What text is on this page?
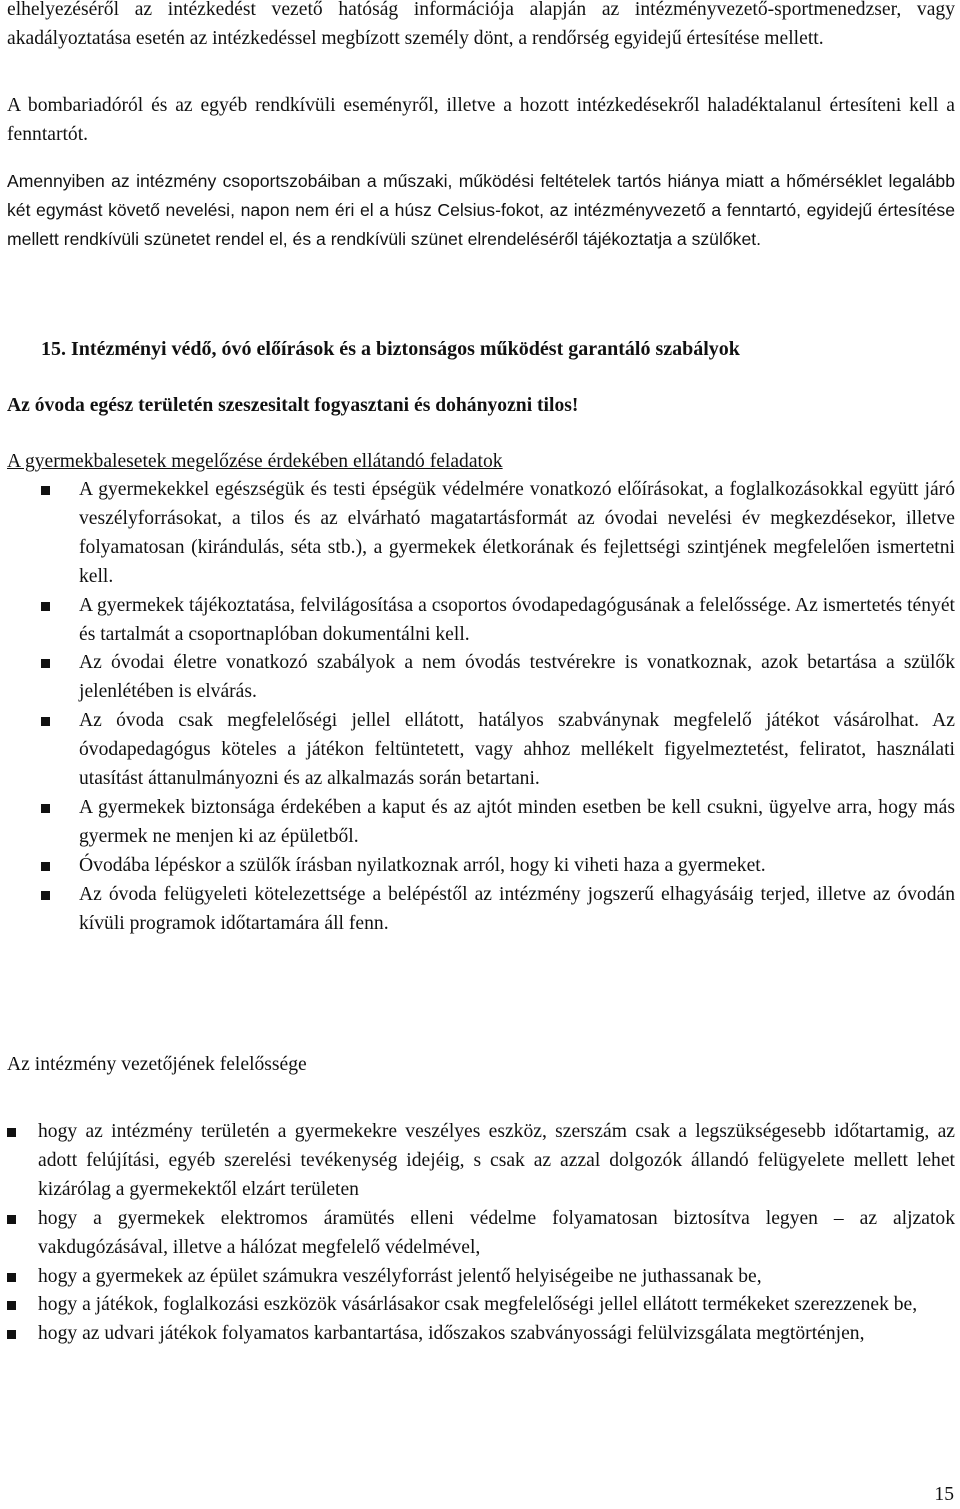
elhelyezéséről az intézkedést vezető hatóság információja alapján az intézményvezető-sportmenedzser, vagy akadályoztatása esetén az intézkedéssel megbízott személy dönt, a rendőrség egyidejű értesítése mellett.

A bombariadóról és az egyéb rendkívüli eseményről, illetve a hozott intézkedésekről haladéktalanul értesíteni kell a fenntartót.

Amennyiben az intézmény csoportszobáiban a műszaki, működési feltételek tartós hiánya miatt a hőmérséklet legalább két egymást követő nevelési, napon nem éri el a húsz Celsius-fokot, az intézményvezető a fenntartó, egyidejű értesítése mellett rendkívüli szünetet rendel el, és a rendkívüli szünet elrendeléséről tájékoztatja a szülőket.

15. Intézményi védő, óvó előírások és a biztonságos működést garantáló szabályok
Az óvoda egész területén szeszesitalt fogyasztani és dohányozni tilos!
A gyermekbalesetek megelőzése érdekében ellátandó feladatok
A gyermekekkel egészségük és testi épségük védelmére vonatkozó előírásokat, a foglalkozásokkal együtt járó veszélyforrásokat, a tilos és az elvárható magatartásformát az óvodai nevelési év megkezdésekor, illetve folyamatosan (kirándulás, séta stb.), a gyermekek életkorának és fejlettségi szintjének megfelelően ismertetni kell.
A gyermekek tájékoztatása, felvilágosítása a csoportos óvodapedagógusának a felelőssége. Az ismertetés tényét és tartalmát a csoportnaplóban dokumentálni kell.
Az óvodai életre vonatkozó szabályok a nem óvodás testvérekre is vonatkoznak, azok betartása a szülők jelenlétében is elvárás.
Az óvoda csak megfelelőségi jellel ellátott, hatályos szabványnak megfelelő játékot vásárolhat. Az óvodapedagógus köteles a játékon feltüntetett, vagy ahhoz mellékelt figyelmeztetést, feliratot, használati utasítást áttanulmányozni és az alkalmazás során betartani.
A gyermekek biztonsága érdekében a kaput és az ajtót minden esetben be kell csukni, ügyelve arra, hogy más gyermek ne menjen ki az épületből.
Óvodába lépéskor a szülők írásban nyilatkoznak arról, hogy ki viheti haza a gyermeket.
Az óvoda felügyeleti kötelezettsége a belépéstől az intézmény jogszerű elhagyásáig terjed, illetve az óvodán kívüli programok időtartamára áll fenn.
Az intézmény vezetőjének felelőssége
hogy az intézmény területén a gyermekekre veszélyes eszköz, szerszám csak a legszükségesebb időtartamig, az adott felújítási, egyéb szerelési tevékenység idejéig, s csak az azzal dolgozók állandó felügyelete mellett lehet kizárólag a gyermekektől elzárt területen
hogy a gyermekek elektromos áramütés elleni védelme folyamatosan biztosítva legyen – az aljzatok vakdugózásával, illetve a hálózat megfelelő védelmével,
hogy a gyermekek az épület számukra veszélyforrást jelentő helyiségeibe ne juthassanak be,
hogy a játékok, foglalkozási eszközök vásárlásakor csak megfelelőségi jellel ellátott termékeket szerezzenek be,
hogy az udvari játékok folyamatos karbantartása, időszakos szabványossági felülvizsgálata megtörténjen,
15
